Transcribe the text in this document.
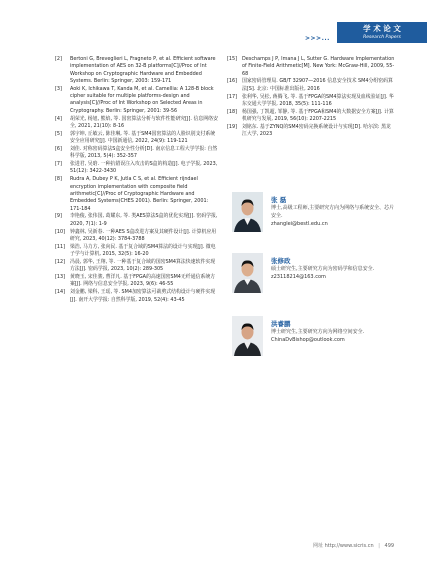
>>>...
学 术 论 文
Research Papers
[2]	Bertoni G, Breveglieri L, Fragneto P, et al. Efficient software implementation of AES on 32-B platforms[C]//Proc of Int Workshop on Cryptographic Hardware and Embedded Systems. Berlin: Springer, 2003: 159-171
[3]	Aoki K, Ichikawa T, Kanda M, et al. Camellia: A 128-B block cipher suitable for multiple platforms-design and analysis[C]//Proc of Int Workshop on Selected Areas in Cryptography. Berlin: Springer, 2001: 39-56
[4]	胡荣光, 杨旭, 熊焰, 等. 国密算法分析与软件性能研究[J]. 信息网络安全, 2021, 21(10): 8-16
[5]	郭宇坤, 丘敏云, 陈佳琳, 等. 基于SM4国密算法的人脸识别支付系统安全应用研究[J]. 中国新通信, 2022, 24(9): 119-121
[6]	刘佳. 对称密码算法S盒安全性分析[D]. 南京信息工程大学学报: 自然科学版, 2013, 5(4): 352-357
[7]	张进君, 吴晗. 一种抗错误注入攻击的S盒的构造[J]. 电子学报, 2023, 51(12): 3422-3430
[8]	Rudra A, Dubey P K, Jutla C S, et al. Efficient rijndael encryption implementation with composite field arithmetic[C]//Proc of Cryptographic Hardware and Embedded Systems(CHES 2001). Berlin: Springer, 2001: 171-184
[9]	李艳俊, 张伟国, 葛耀东, 等. 类AES算法S盒的优化实现[J]. 密码学报, 2020, 7(1): 1-9
[10]	钟鑫林, 吴新春. 一种AES S盒改进方案及其硬件设计[J]. 计算机应用研究, 2023, 40(12): 3784-3788
[11]	梁浩, 马力方, 张向民. 基于复合域的SM4算法的设计与实现[J]. 微电子学与计算机, 2015, 32(5): 16-20
[12]	冯晨, 郭华, 王翔, 等. 一种基于复合域的国密SM4算法快速软件实现方法[J]. 密码学报, 2023, 10(2): 289-305
[13]	黄晓玉, 宋佳骏, 曹洋凡. 基于FPGA的高速国密SM4无纤通信系统方案[J]. 网络与信息安全学报, 2023, 9(6): 46-55
[14]	刘金鹏, 梁科, 王瑶, 等. SM4加密算法可裁剪式结构设计与硬件实现[J]. 南开大学学报: 自然科学版, 2019, 52(4): 43-45
[15]	Deschamps J P, Imana J L, Sutter G. Hardware Implementation of Finite-Field Arithmetic[M]. New York: McGraw-Hill, 2009, 55-68
[16]	国家密码管理局. GB/T 32907—2016 信息安全技术 SM4分组密码算法[S]. 北京: 中国标准出版社, 2016
[17]	张利华, 吴松, 蒋腾飞, 等. 基于FPGA的SM4算法实现及血线验证[J]. 华东交通大学学报, 2018, 35(5): 111-116
[18]	杨国强, 丁凯超, 邹静, 等. 基于FPGA和SM4的大数据安全方案[J]. 计算机研究与发展, 2019, 56(10): 2207-2215
[19]	刘铭东. 基于ZYNQ的SM4密码完换系统设计与实现[D]. 哈尔滨: 黑龙江大学, 2023
张 磊
博士,高级工程师,主要研究方向为网络与系统安全、芯片安全.
zhanglei@bestl.edu.cn
张修政
硕士研究生,主要研究方向为密码学和信息安全.
z23118214@163.com
洪睿鹏
博士研究生,主要研究方向为网络空间安全.
ChinaDvBishop@outlook.com
网址 http://www.sicris.cn | 499
